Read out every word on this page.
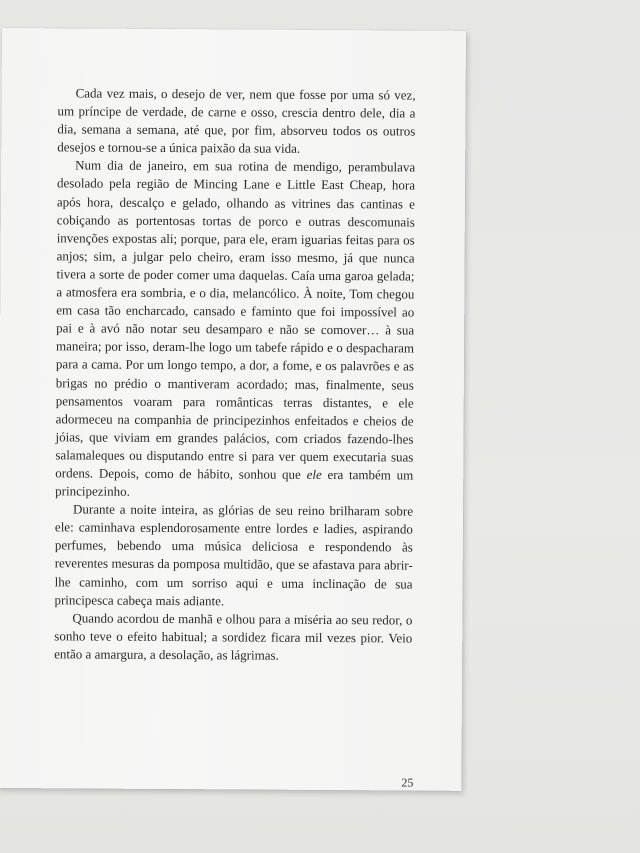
Cada vez mais, o desejo de ver, nem que fosse por uma só vez, um príncipe de verdade, de carne e osso, crescia dentro dele, dia a dia, semana a semana, até que, por fim, absorveu todos os outros desejos e tornou-se a única paixão da sua vida.

Num dia de janeiro, em sua rotina de mendigo, perambulava desolado pela região de Mincing Lane e Little East Cheap, hora após hora, descalço e gelado, olhando as vitrines das cantinas e cobiçando as portentosas tortas de porco e outras descomunais invenções expostas ali; porque, para ele, eram iguarias feitas para os anjos; sim, a julgar pelo cheiro, eram isso mesmo, já que nunca tivera a sorte de poder comer uma daquelas. Caía uma garoa gelada; a atmosfera era sombria, e o dia, melancólico. À noite, Tom chegou em casa tão encharcado, cansado e faminto que foi impossível ao pai e à avó não notar seu desamparo e não se comover… à sua maneira; por isso, deram-lhe logo um tabefe rápido e o despacharam para a cama. Por um longo tempo, a dor, a fome, e os palavrões e as brigas no prédio o mantiveram acordado; mas, finalmente, seus pensamentos voaram para românticas terras distantes, e ele adormeceu na companhia de principezinhos enfeitados e cheios de jóias, que viviam em grandes palácios, com criados fazendo-lhes salamaleques ou disputando entre si para ver quem executaria suas ordens. Depois, como de hábito, sonhou que ele era também um principezinho.

Durante a noite inteira, as glórias de seu reino brilharam sobre ele: caminhava esplendorosamente entre lordes e ladies, aspirando perfumes, bebendo uma música deliciosa e respondendo às reverentes mesuras da pomposa multidão, que se afastava para abrir-lhe caminho, com um sorriso aqui e uma inclinação de sua principesca cabeça mais adiante.

Quando acordou de manhã e olhou para a miséria ao seu redor, o sonho teve o efeito habitual; a sordidez ficara mil vezes pior. Veio então a amargura, a desolação, as lágrimas.

25
